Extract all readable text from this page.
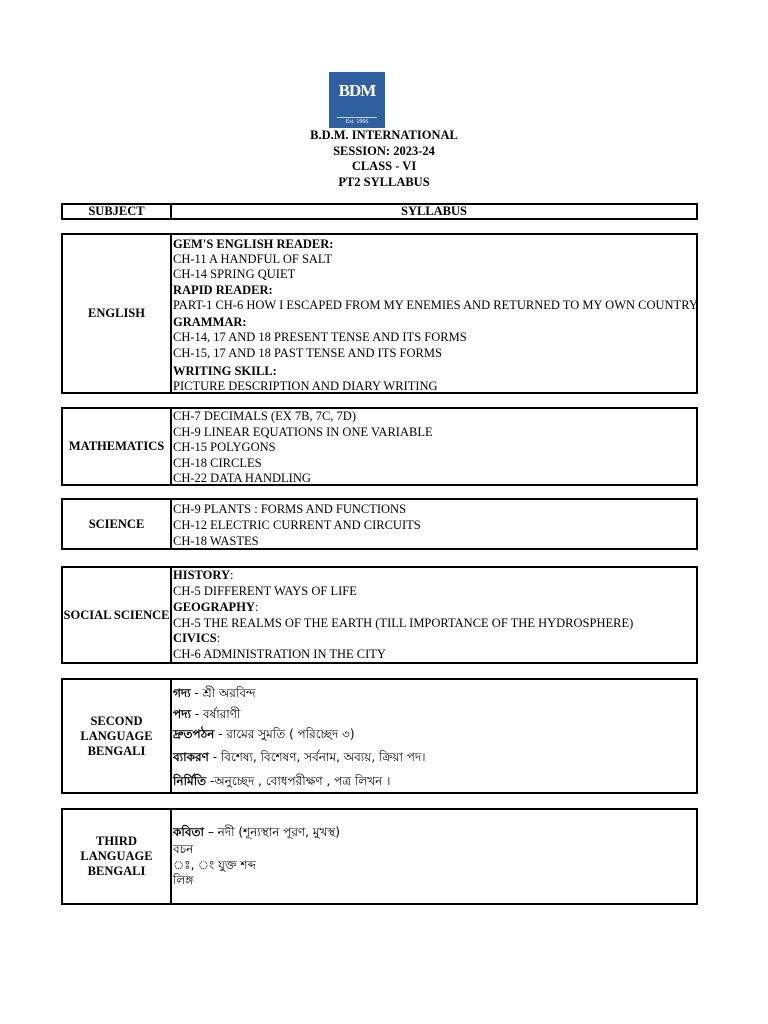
BDM
Est. 1966
B.D.M. INTERNATIONAL
SESSION: 2023-24
CLASS - VI
PT2 SYLLABUS
SUBJECT	SYLLABUS
ENGLISH
GEM'S ENGLISH READER:
CH-11 A HANDFUL OF SALT
CH-14 SPRING QUIET
RAPID READER:
PART-1 CH-6 HOW I ESCAPED FROM MY ENEMIES AND RETURNED TO MY OWN COUNTRY
GRAMMAR:
CH-14, 17 AND 18 PRESENT TENSE AND ITS FORMS
CH-15, 17 AND 18 PAST TENSE AND ITS FORMS
WRITING SKILL:
PICTURE DESCRIPTION AND DIARY WRITING
MATHEMATICS
CH-7 DECIMALS (EX 7B, 7C, 7D)
CH-9 LINEAR EQUATIONS IN ONE VARIABLE
CH-15 POLYGONS
CH-18 CIRCLES
CH-22 DATA HANDLING
SCIENCE
CH-9 PLANTS : FORMS AND FUNCTIONS
CH-12 ELECTRIC CURRENT AND CIRCUITS
CH-18 WASTES
SOCIAL SCIENCE
HISTORY:
CH-5 DIFFERENT WAYS OF LIFE
GEOGRAPHY:
CH-5 THE REALMS OF THE EARTH (TILL IMPORTANCE OF THE HYDROSPHERE)
CIVICS:
CH-6 ADMINISTRATION IN THE CITY
SECOND
LANGUAGE
BENGALI
গদ্য - শ্রী অরবিন্দ
পদ্য - বর্ষারাণী
দ্রুতপঠন - রামের সুমতি ( পরিচ্ছেদ ৩)
ব্যাকরণ - বিশেষ্য, বিশেষণ, সর্বনাম, অব্যয়, ক্রিয়া পদ।
নির্মিতি -অনুচ্ছেদ , বোধপরীক্ষণ , পত্র লিখন ।
THIRD
LANGUAGE
BENGALI
কবিতা – নদী (শূন্যস্থান পূরণ, মুখস্থ)
বচন
ঃ, ং যুক্ত শব্দ
লিঙ্গ
